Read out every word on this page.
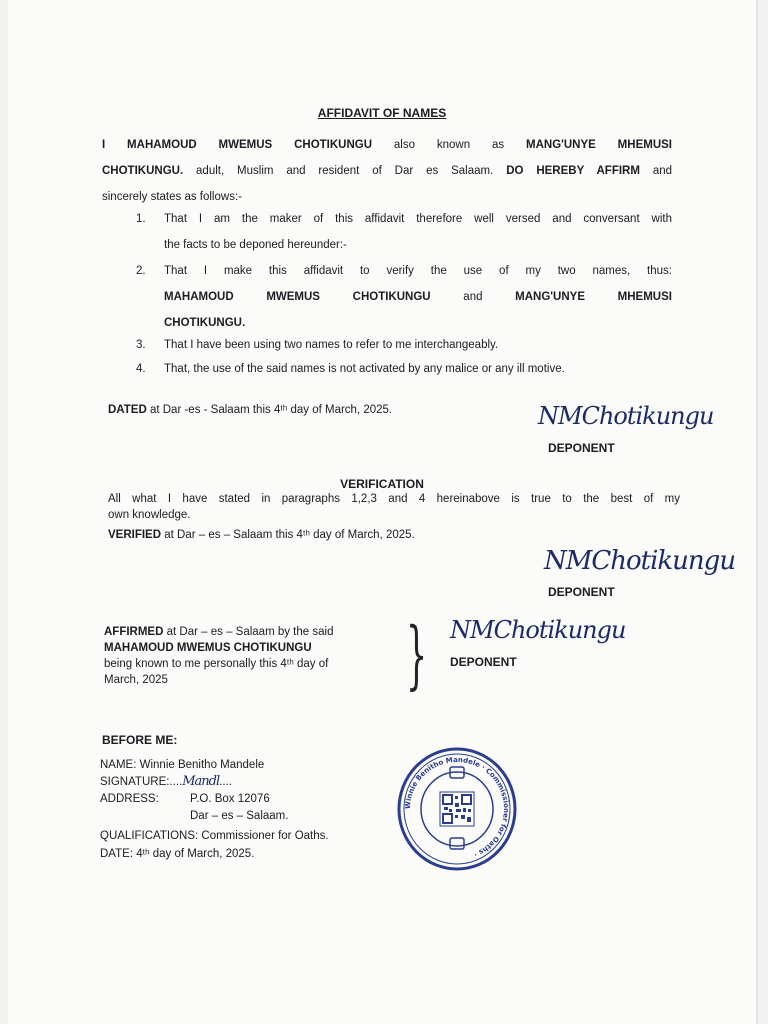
AFFIDAVIT OF NAMES
I MAHAMOUD MWEMUS CHOTIKUNGU also known as MANG'UNYE MHEMUSI
CHOTIKUNGU. adult, Muslim and resident of Dar es Salaam. DO HEREBY AFFIRM and
sincerely states as follows:-
1. That I am the maker of this affidavit therefore well versed and conversant with
the facts to be deponed hereunder:-
2. That I make this affidavit to verify the use of my two names, thus:
MAHAMOUD MWEMUS CHOTIKUNGU	and	MANG'UNYE MHEMUSI
CHOTIKUNGU.
3. That I have been using two names to refer to me interchangeably.
4. That, the use of the said names is not activated by any malice or any ill motive.
DATED at Dar -es - Salaam this 4ᵗʰ day of March, 2025.	NMChotikungu
DEPONENT
VERIFICATION
All what I have stated in paragraphs 1,2,3 and 4 hereinabove is true to the best of my
own knowledge.
VERIFIED at Dar – es – Salaam this 4ᵗʰ day of March, 2025.
NMChotikungu
DEPONENT
AFFIRMED at Dar – es – Salaam by the said
MAHAMOUD MWEMUS CHOTIKUNGU
being known to me personally this 4ᵗʰ day of
March, 2025	} NMChotikungu
DEPONENT
BEFORE ME:
NAME: Winnie Benitho Mandele
SIGNATURE:....Mandl....
ADDRESS:	P.O. Box 12076
Dar – es – Salaam.
QUALIFICATIONS: Commissioner for Oaths.
DATE: 4ᵗʰ day of March, 2025.
Winnie Benitho Mandele · Commissioner for Oaths ·
